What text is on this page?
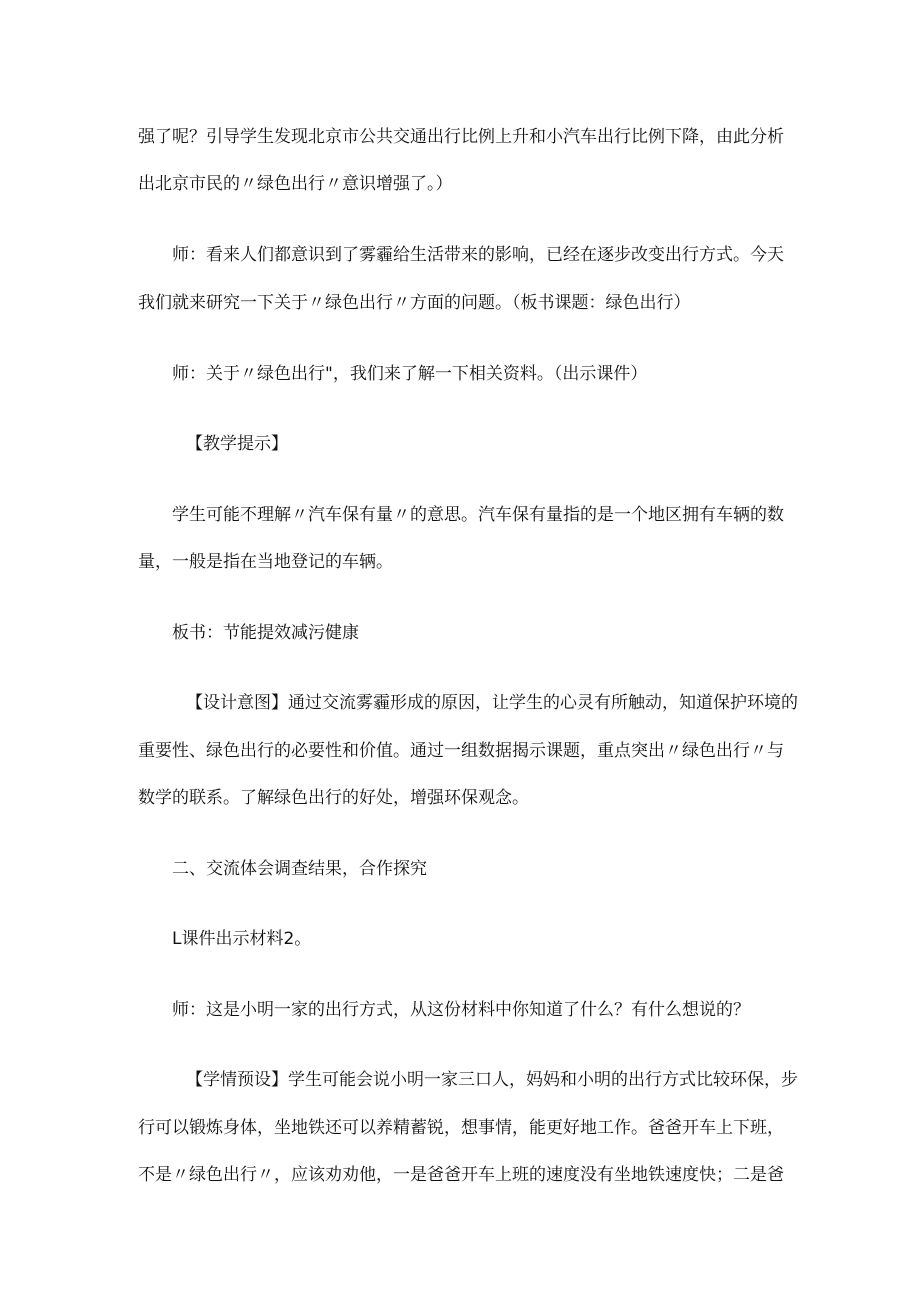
强了呢？引导学生发现北京市公共交通出行比例上升和小汽车出行比例下降，由此分析
出北京市民的〃绿色出行〃意识增强了。）
师：看来人们都意识到了雾霾给生活带来的影响，已经在逐步改变出行方式。今天
我们就来研究一下关于〃绿色出行〃方面的问题。（板书课题：绿色出行）
师：关于〃绿色出行"，我们来了解一下相关资料。（出示课件）
【教学提示】
学生可能不理解〃汽车保有量〃的意思。汽车保有量指的是一个地区拥有车辆的数
量，一般是指在当地登记的车辆。
板书：节能提效减污健康
【设计意图】通过交流雾霾形成的原因，让学生的心灵有所触动，知道保护环境的
重要性、绿色出行的必要性和价值。通过一组数据揭示课题，重点突出〃绿色出行〃与
数学的联系。了解绿色出行的好处，增强环保观念。
二、交流体会调查结果，合作探究
L课件出示材料2。
师：这是小明一家的出行方式，从这份材料中你知道了什么？有什么想说的？
【学情预设】学生可能会说小明一家三口人，妈妈和小明的出行方式比较环保，步
行可以锻炼身体，坐地铁还可以养精蓄锐，想事情，能更好地工作。爸爸开车上下班，
不是〃绿色出行〃，应该劝劝他，一是爸爸开车上班的速度没有坐地铁速度快；二是爸
